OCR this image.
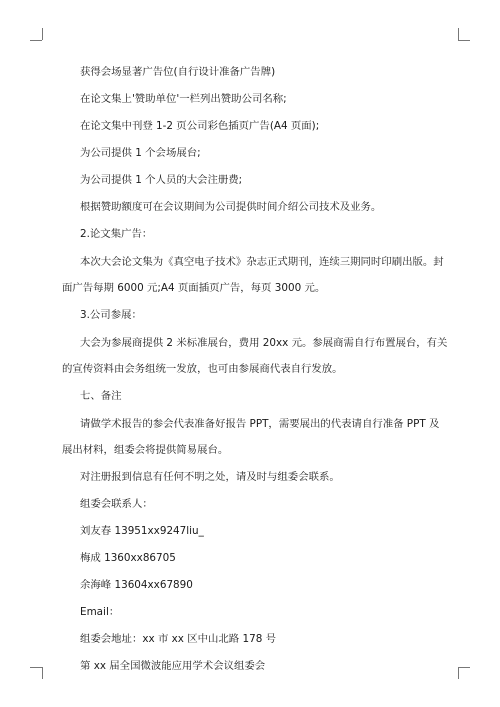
获得会场显著广告位(自行设计准备广告牌)
在论文集上'赞助单位'一栏列出赞助公司名称;
在论文集中刊登 1-2 页公司彩色插页广告(A4 页面);
为公司提供 1 个会场展台;
为公司提供 1 个人员的大会注册费;
根据赞助额度可在会议期间为公司提供时间介绍公司技术及业务。
2.论文集广告：
本次大会论文集为《真空电子技术》杂志正式期刊，连续三期同时印刷出版。封
面广告每期 6000 元;A4 页面插页广告，每页 3000 元。
3.公司参展：
大会为参展商提供 2 米标准展台，费用 20xx 元。参展商需自行布置展台，有关
的宣传资料由会务组统一发放，也可由参展商代表自行发放。
七、备注
请做学术报告的参会代表准备好报告 PPT，需要展出的代表请自行准备 PPT 及
展出材料，组委会将提供简易展台。
对注册报到信息有任何不明之处，请及时与组委会联系。
组委会联系人：
刘友春 13951xx9247liu_
梅成 1360xx86705
余海峰 13604xx67890
Email：
组委会地址：xx 市 xx 区中山北路 178 号
第 xx 届全国微波能应用学术会议组委会
